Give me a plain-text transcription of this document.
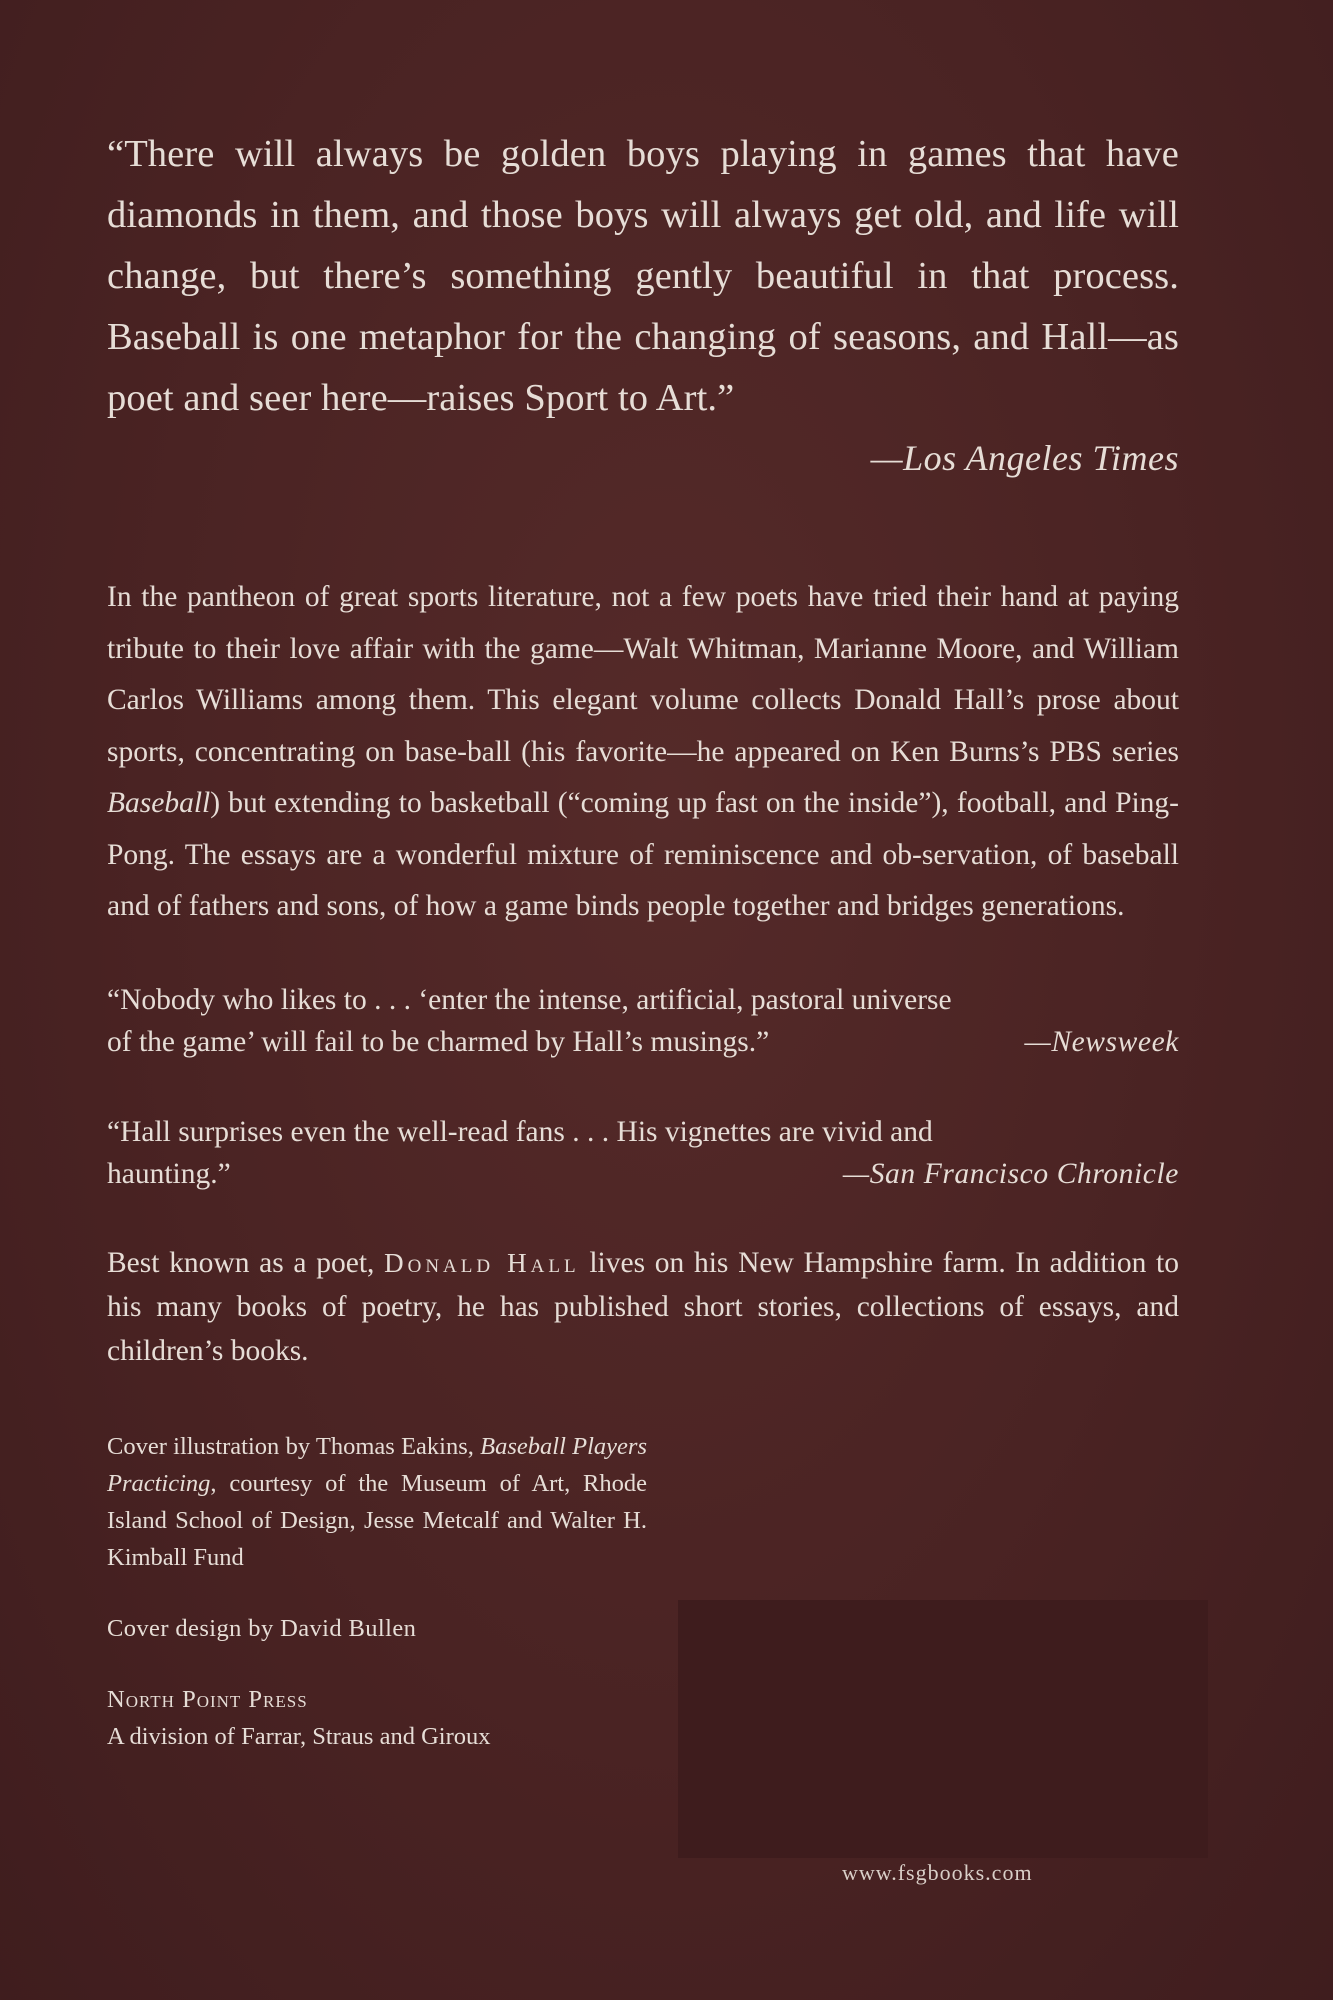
“There will always be golden boys playing in games that have diamonds in them, and those boys will always get old, and life will change, but there’s something gently beautiful in that process. Baseball is one metaphor for the changing of seasons, and Hall—as poet and seer here—raises Sport to Art.”

—Los Angeles Times

In the pantheon of great sports literature, not a few poets have tried their hand at paying tribute to their love affair with the game—Walt Whitman, Marianne Moore, and William Carlos Williams among them. This elegant volume collects Donald Hall’s prose about sports, concentrating on base-ball (his favorite—he appeared on Ken Burns’s PBS series Baseball) but extending to basketball (“coming up fast on the inside”), football, and Ping-Pong. The essays are a wonderful mixture of reminiscence and ob-servation, of baseball and of fathers and sons, of how a game binds people together and bridges generations.

“Nobody who likes to . . . ‘enter the intense, artificial, pastoral universe
of the game’ will fail to be charmed by Hall’s musings.”	—Newsweek
“Hall surprises even the well-read fans . . . His vignettes are vivid and
haunting.”	—San Francisco Chronicle
Best known as a poet, Donald Hall lives on his New Hampshire farm. In addition to his many books of poetry, he has published short stories, collections of essays, and children’s books.
Cover illustration by Thomas Eakins, Baseball Players Practicing, courtesy of the Museum of Art, Rhode Island School of Design, Jesse Metcalf and Walter H. Kimball Fund
Cover design by David Bullen
North Point Press
A division of Farrar, Straus and Giroux
www.fsgbooks.com
